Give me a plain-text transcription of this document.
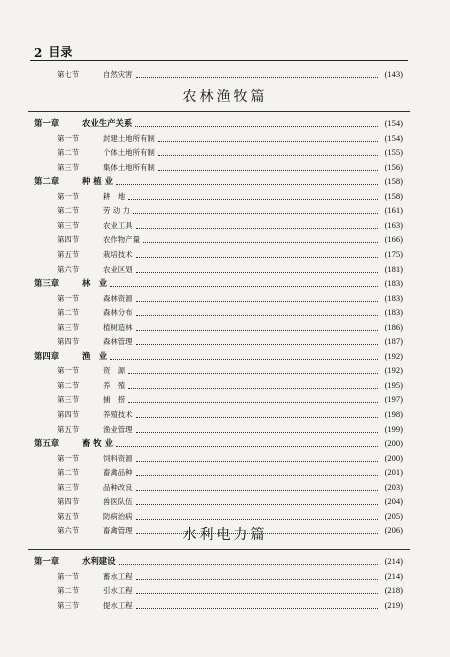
2 目录
第七节	自然灾害	(143)
农林渔牧篇
第一章	农业生产关系	(154)
第一节	封建土地所有制	(154)
第二节	个体土地所有制	(155)
第三节	集体土地所有制	(156)
第二章	种 植 业	(158)
第一节	耕　地	(158)
第二节	劳 动 力	(161)
第三节	农业工具	(163)
第四节	农作物产量	(166)
第五节	栽培技术	(175)
第六节	农业区划	(181)
第三章	林　业	(183)
第一节	森林资源	(183)
第二节	森林分布	(183)
第三节	植树造林	(186)
第四节	森林管理	(187)
第四章	渔　业	(192)
第一节	资　源	(192)
第二节	养　殖	(195)
第三节	捕　捞	(197)
第四节	养殖技术	(198)
第五节	渔业管理	(199)
第五章	畜 牧 业	(200)
第一节	饲料资源	(200)
第二节	畜禽品种	(201)
第三节	品种改良	(203)
第四节	兽医队伍	(204)
第五节	防病治病	(205)
第六节	畜禽管理	(206)
水利电力篇
第一章	水利建设	(214)
第一节	蓄水工程	(214)
第二节	引水工程	(218)
第三节	提水工程	(219)
